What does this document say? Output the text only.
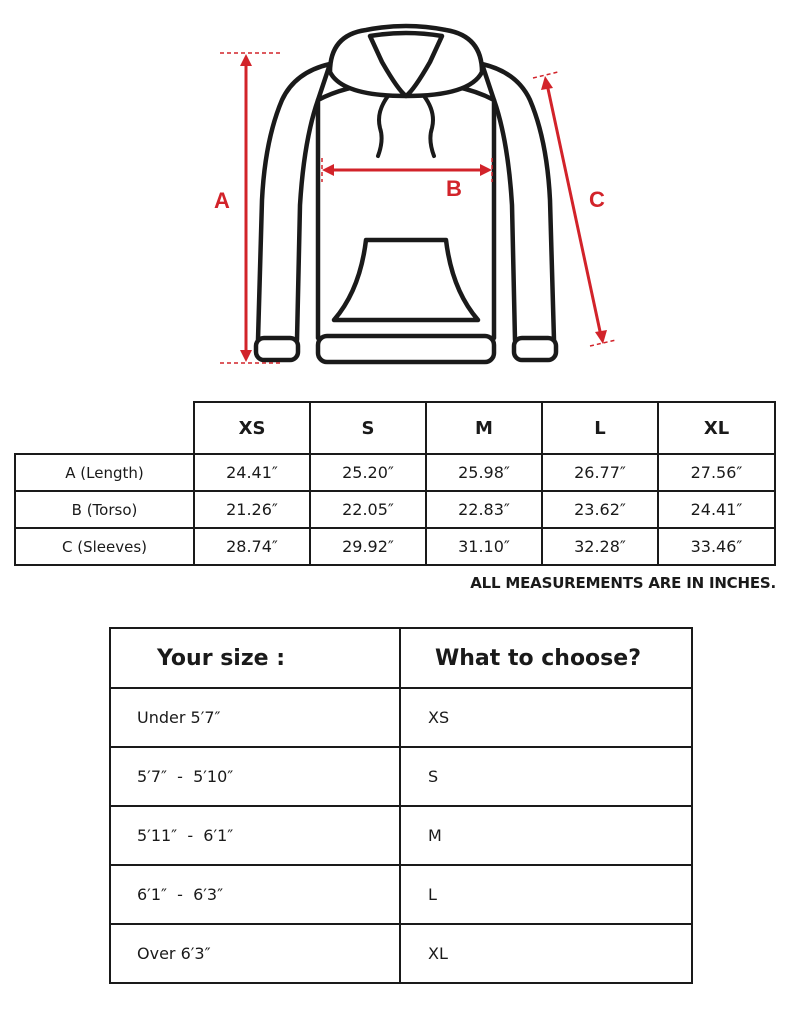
A	B	C
	XS	S	M	L	XL
A (Length)	24.41″	25.20″	25.98″	26.77″	27.56″
B (Torso)	21.26″	22.05″	22.83″	23.62″	24.41″
C (Sleeves)	28.74″	29.92″	31.10″	32.28″	33.46″
ALL MEASUREMENTS ARE IN INCHES.
Your size :	What to choose?
Under 5′7″	XS
5′7″  -  5′10″	S
5′11″  -  6′1″	M
6′1″  -  6′3″	L
Over 6′3″	XL
